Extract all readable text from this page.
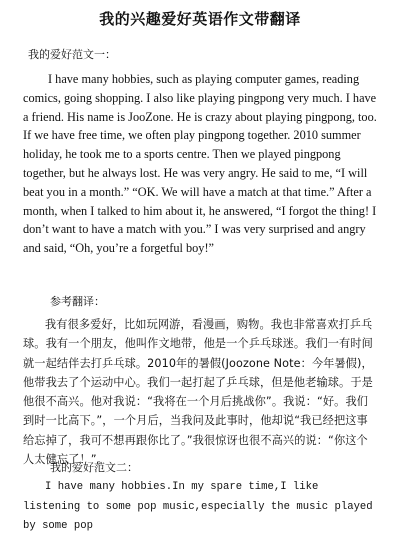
我的兴趣爱好英语作文带翻译
我的爱好范文一：

I have many hobbies, such as playing computer games, reading comics, going shopping. I also like playing pingpong very much. I have a friend. His name is JooZone. He is crazy about playing pingpong, too. If we have free time, we often play pingpong together. 2010 summer holiday, he took me to a sports centre. Then we played pingpong together, but he always lost. He was very angry. He said to me, “I will beat you in a month.” “OK. We will have a match at that time.” After a month, when I talked to him about it, he answered, “I forgot the thing! I don’t want to have a match with you.” I was very surprised and angry and said, “Oh, you’re a forgetful boy!”

参考翻译：

我有很多爱好，比如玩网游，看漫画，购物。我也非常喜欢打乒乓球。我有一个朋友，他叫作文地带，他是一个乒乓球迷。我们一有时间就一起结伴去打乒乓球。2010年的暑假(Joozone Note：今年暑假)，他带我去了个运动中心。我们一起打起了乒乓球，但是他老输球。于是他很不高兴。他对我说：“我将在一个月后挑战你”。我说：“好。我们到时一比高下。”，一个月后，当我问及此事时，他却说“我已经把这事给忘掉了，我可不想再跟你比了。”我很惊讶也很不高兴的说：“你这个人太健忘了！”。

我的爱好范文二：

I have many hobbies.In my spare time,I like listening to some pop music,especially the music played by some pop
